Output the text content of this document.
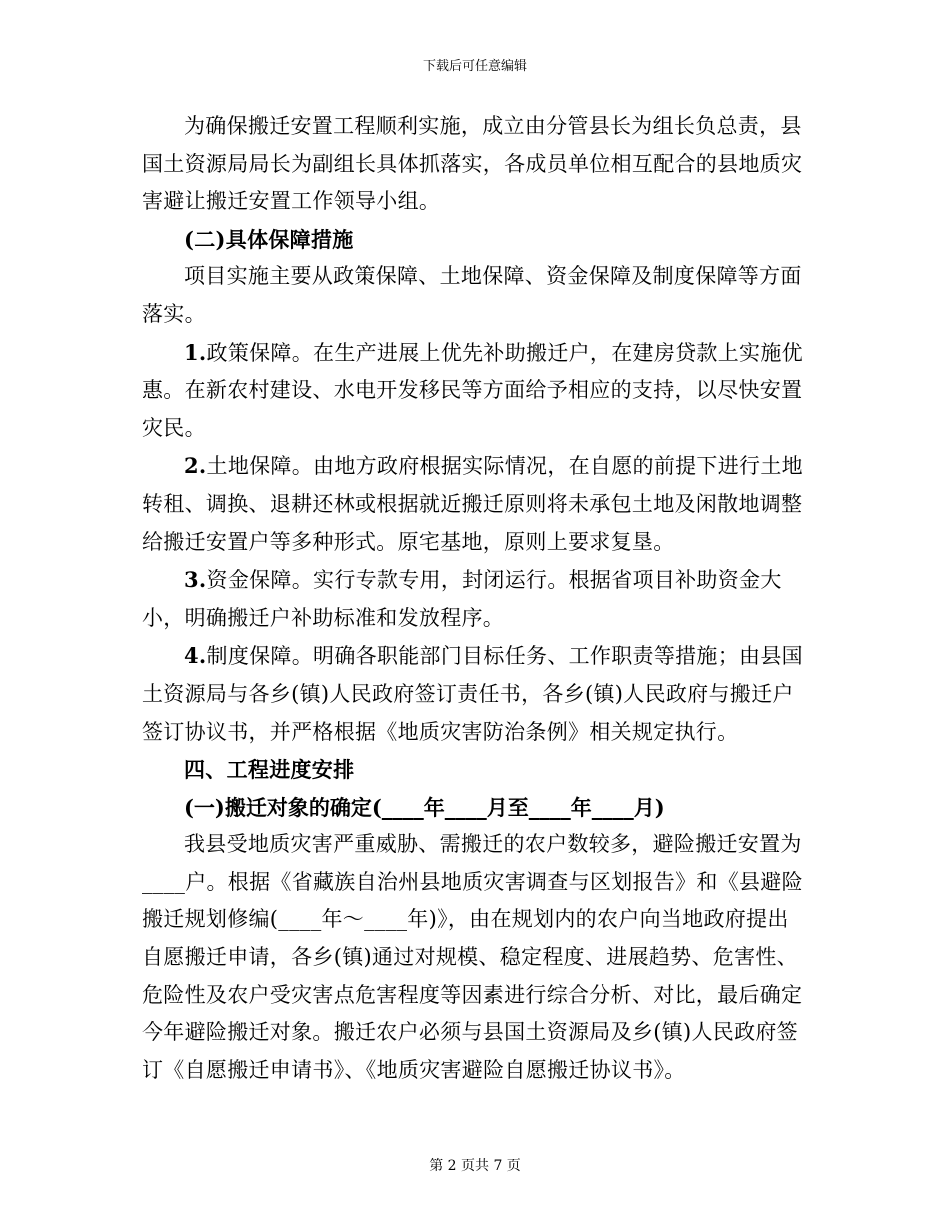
下载后可任意编辑

为确保搬迁安置工程顺利实施，成立由分管县长为组长负总责，县国土资源局局长为副组长具体抓落实，各成员单位相互配合的县地质灾害避让搬迁安置工作领导小组。

(二)具体保障措施

项目实施主要从政策保障、土地保障、资金保障及制度保障等方面落实。

1.政策保障。在生产进展上优先补助搬迁户，在建房贷款上实施优惠。在新农村建设、水电开发移民等方面给予相应的支持，以尽快安置灾民。

2.土地保障。由地方政府根据实际情况，在自愿的前提下进行土地转租、调换、退耕还林或根据就近搬迁原则将未承包土地及闲散地调整给搬迁安置户等多种形式。原宅基地，原则上要求复垦。

3.资金保障。实行专款专用，封闭运行。根据省项目补助资金大小，明确搬迁户补助标准和发放程序。

4.制度保障。明确各职能部门目标任务、工作职责等措施；由县国土资源局与各乡(镇)人民政府签订责任书，各乡(镇)人民政府与搬迁户签订协议书，并严格根据《地质灾害防治条例》相关规定执行。

四、工程进度安排

(一)搬迁对象的确定(____年____月至____年____月)

我县受地质灾害严重威胁、需搬迁的农户数较多，避险搬迁安置为____户。根据《省藏族自治州县地质灾害调查与区划报告》和《县避险搬迁规划修编(____年～____年)》，由在规划内的农户向当地政府提出自愿搬迁申请，各乡(镇)通过对规模、稳定程度、进展趋势、危害性、危险性及农户受灾害点危害程度等因素进行综合分析、对比，最后确定今年避险搬迁对象。搬迁农户必须与县国土资源局及乡(镇)人民政府签订《自愿搬迁申请书》、《地质灾害避险自愿搬迁协议书》。

第 2 页共 7 页
